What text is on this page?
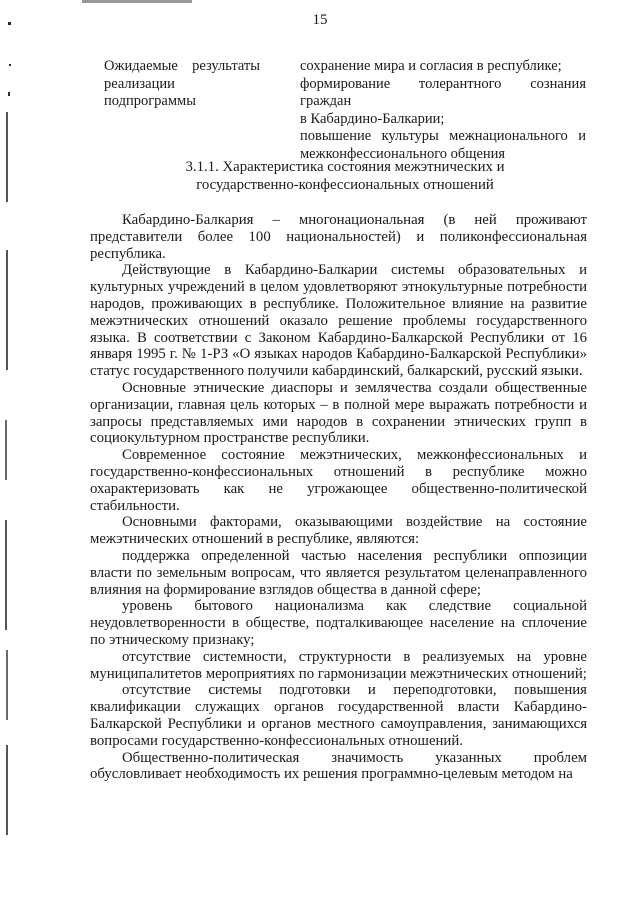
15
Ожидаемые результаты
реализации
подпрограммы
сохранение мира и согласия в республике;
формирование толерантного сознания граждан
в Кабардино-Балкарии;
повышение культуры межнационального и
межконфессионального общения
3.1.1. Характеристика состояния межэтнических и
государственно-конфессиональных отношений

Кабардино-Балкария – многонациональная (в ней проживают представители более 100 национальностей) и поликонфессиональная республика.

Действующие в Кабардино-Балкарии системы образовательных и культурных учреждений в целом удовлетворяют этнокультурные потребности народов, проживающих в республике. Положительное влияние на развитие межэтнических отношений оказало решение проблемы государственного языка. В соответствии с Законом Кабардино-Балкарской Республики от 16 января 1995 г. № 1-РЗ «О языках народов Кабардино-Балкарской Республики» статус государственного получили кабардинский, балкарский, русский языки.

Основные этнические диаспоры и землячества создали общественные организации, главная цель которых – в полной мере выражать потребности и запросы представляемых ими народов в сохранении этнических групп в социокультурном пространстве республики.

Современное состояние межэтнических, межконфессиональных и государственно-конфессиональных отношений в республике можно охарактеризовать как не угрожающее общественно-политической стабильности.

Основными факторами, оказывающими воздействие на состояние межэтнических отношений в республике, являются:

поддержка определенной частью населения республики оппозиции власти по земельным вопросам, что является результатом целенаправленного влияния на формирование взглядов общества в данной сфере;

уровень бытового национализма как следствие социальной неудовлетворенности в обществе, подталкивающее население на сплочение по этническому признаку;

отсутствие системности, структурности в реализуемых на уровне муниципалитетов мероприятиях по гармонизации межэтнических отношений;

отсутствие системы подготовки и переподготовки, повышения квалификации служащих органов государственной власти Кабардино-Балкарской Республики и органов местного самоуправления, занимающихся вопросами государственно-конфессиональных отношений.

Общественно-политическая значимость указанных проблем обусловливает необходимость их решения программно-целевым методом на
